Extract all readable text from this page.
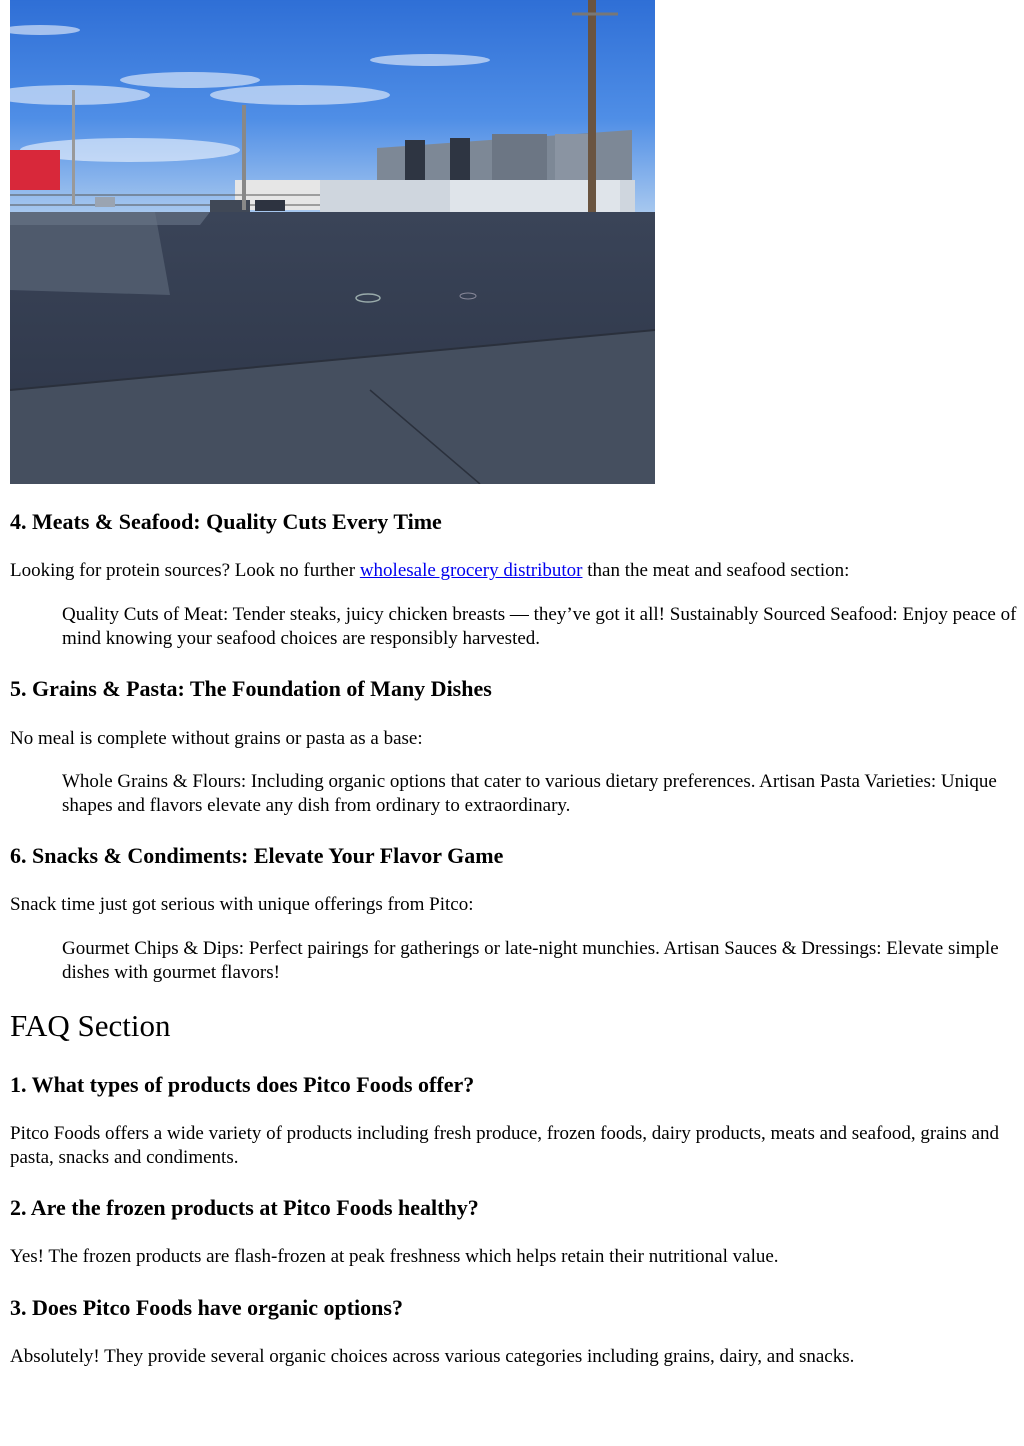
4. Meats & Seafood: Quality Cuts Every Time

Looking for protein sources? Look no further wholesale grocery distributor than the meat and seafood section:

Quality Cuts of Meat: Tender steaks, juicy chicken breasts — they’ve got it all! Sustainably Sourced Seafood: Enjoy peace of mind knowing your seafood choices are responsibly harvested.

5. Grains & Pasta: The Foundation of Many Dishes

No meal is complete without grains or pasta as a base:

Whole Grains & Flours: Including organic options that cater to various dietary preferences. Artisan Pasta Varieties: Unique shapes and flavors elevate any dish from ordinary to extraordinary.

6. Snacks & Condiments: Elevate Your Flavor Game

Snack time just got serious with unique offerings from Pitco:

Gourmet Chips & Dips: Perfect pairings for gatherings or late-night munchies. Artisan Sauces & Dressings: Elevate simple dishes with gourmet flavors!

FAQ Section
1. What types of products does Pitco Foods offer?

Pitco Foods offers a wide variety of products including fresh produce, frozen foods, dairy products, meats and seafood, grains and pasta, snacks and condiments.

2. Are the frozen products at Pitco Foods healthy?

Yes! The frozen products are flash-frozen at peak freshness which helps retain their nutritional value.

3. Does Pitco Foods have organic options?

Absolutely! They provide several organic choices across various categories including grains, dairy, and snacks.
